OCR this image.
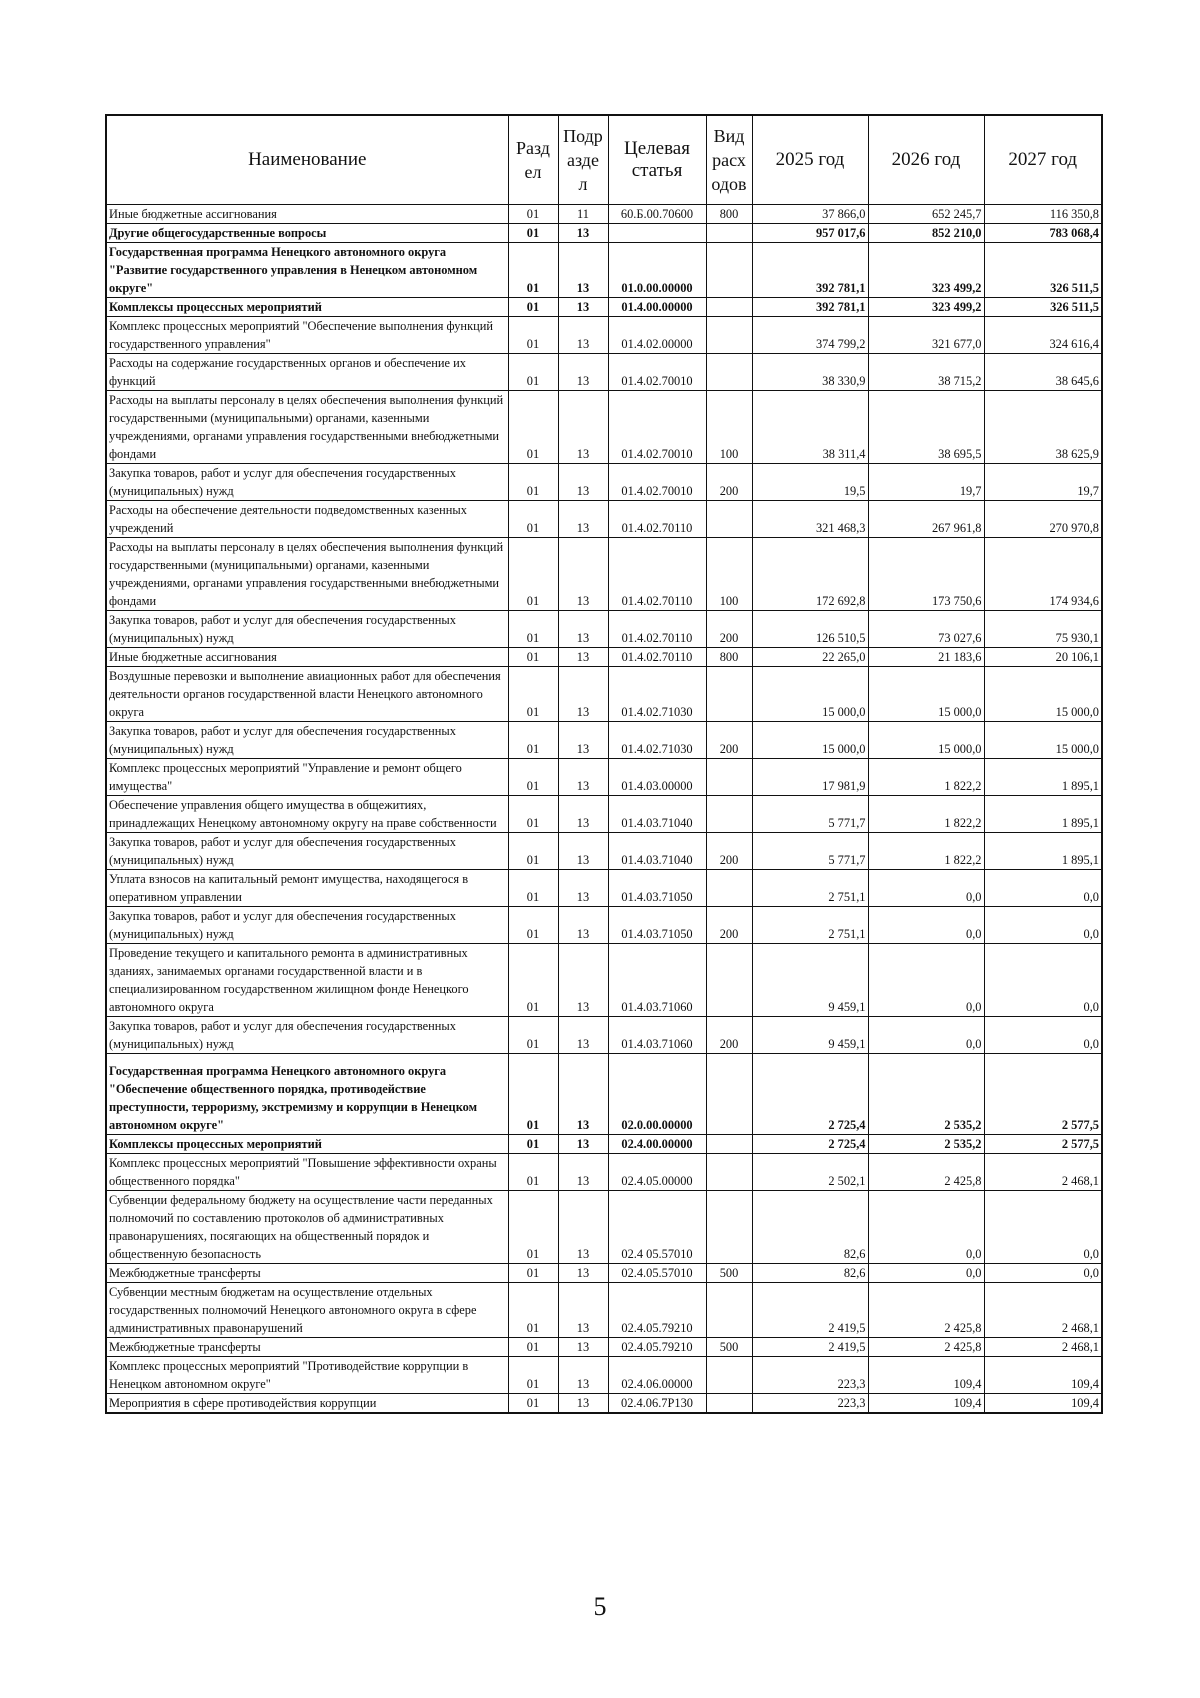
Наименование	Разд ел	Подр азде л	Целевая статья	Вид расх одов	2025 год	2026 год	2027 год
Иные бюджетные ассигнования	01	11	60.Б.00.70600	800	37 866,0	652 245,7	116 350,8
Другие общегосударственные вопросы	01	13			957 017,6	852 210,0	783 068,4
Государственная программа Ненецкого автономного округа "Развитие государственного управления в Ненецком автономном округе"	01	13	01.0.00.00000		392 781,1	323 499,2	326 511,5
Комплексы процессных мероприятий	01	13	01.4.00.00000		392 781,1	323 499,2	326 511,5
Комплекс процессных мероприятий "Обеспечение выполнения функций государственного управления"	01	13	01.4.02.00000		374 799,2	321 677,0	324 616,4
Расходы на содержание государственных органов и обеспечение их функций	01	13	01.4.02.70010		38 330,9	38 715,2	38 645,6
Расходы на выплаты персоналу в целях обеспечения выполнения функций государственными (муниципальными) органами, казенными учреждениями, органами управления государственными внебюджетными фондами	01	13	01.4.02.70010	100	38 311,4	38 695,5	38 625,9
Закупка товаров, работ и услуг для обеспечения государственных (муниципальных) нужд	01	13	01.4.02.70010	200	19,5	19,7	19,7
Расходы на обеспечение деятельности подведомственных казенных учреждений	01	13	01.4.02.70110		321 468,3	267 961,8	270 970,8
Расходы на выплаты персоналу в целях обеспечения выполнения функций государственными (муниципальными) органами, казенными учреждениями, органами управления государственными внебюджетными фондами	01	13	01.4.02.70110	100	172 692,8	173 750,6	174 934,6
Закупка товаров, работ и услуг для обеспечения государственных (муниципальных) нужд	01	13	01.4.02.70110	200	126 510,5	73 027,6	75 930,1
Иные бюджетные ассигнования	01	13	01.4.02.70110	800	22 265,0	21 183,6	20 106,1
Воздушные перевозки и выполнение авиационных работ для обеспечения деятельности органов государственной власти Ненецкого автономного округа	01	13	01.4.02.71030		15 000,0	15 000,0	15 000,0
Закупка товаров, работ и услуг для обеспечения государственных (муниципальных) нужд	01	13	01.4.02.71030	200	15 000,0	15 000,0	15 000,0
Комплекс процессных мероприятий "Управление и ремонт общего имущества"	01	13	01.4.03.00000		17 981,9	1 822,2	1 895,1
Обеспечение управления общего имущества в общежитиях, принадлежащих Ненецкому автономному округу на праве собственности	01	13	01.4.03.71040		5 771,7	1 822,2	1 895,1
Закупка товаров, работ и услуг для обеспечения государственных (муниципальных) нужд	01	13	01.4.03.71040	200	5 771,7	1 822,2	1 895,1
Уплата взносов на капитальный ремонт имущества, находящегося в оперативном управлении	01	13	01.4.03.71050		2 751,1	0,0	0,0
Закупка товаров, работ и услуг для обеспечения государственных (муниципальных) нужд	01	13	01.4.03.71050	200	2 751,1	0,0	0,0
Проведение текущего и капитального ремонта в административных зданиях, занимаемых органами государственной власти и в специализированном государственном жилищном фонде Ненецкого автономного округа	01	13	01.4.03.71060		9 459,1	0,0	0,0
Закупка товаров, работ и услуг для обеспечения государственных (муниципальных) нужд	01	13	01.4.03.71060	200	9 459,1	0,0	0,0
Государственная программа Ненецкого автономного округа "Обеспечение общественного порядка, противодействие преступности, терроризму, экстремизму и коррупции в Ненецком автономном округе"	01	13	02.0.00.00000		2 725,4	2 535,2	2 577,5
Комплексы процессных мероприятий	01	13	02.4.00.00000		2 725,4	2 535,2	2 577,5
Комплекс процессных мероприятий "Повышение эффективности охраны общественного порядка"	01	13	02.4.05.00000		2 502,1	2 425,8	2 468,1
Субвенции федеральному бюджету на осуществление части переданных полномочий по составлению протоколов об административных правонарушениях, посягающих на общественный порядок и общественную безопасность	01	13	02.4 05.57010		82,6	0,0	0,0
Межбюджетные трансферты	01	13	02.4.05.57010	500	82,6	0,0	0,0
Субвенции местным бюджетам на осуществление отдельных государственных полномочий Ненецкого автономного округа в сфере административных правонарушений	01	13	02.4.05.79210		2 419,5	2 425,8	2 468,1
Межбюджетные трансферты	01	13	02.4.05.79210	500	2 419,5	2 425,8	2 468,1
Комплекс процессных мероприятий "Противодействие коррупции в Ненецком автономном округе"	01	13	02.4.06.00000		223,3	109,4	109,4
Мероприятия в сфере противодействия коррупции	01	13	02.4.06.7Р130		223,3	109,4	109,4
5
